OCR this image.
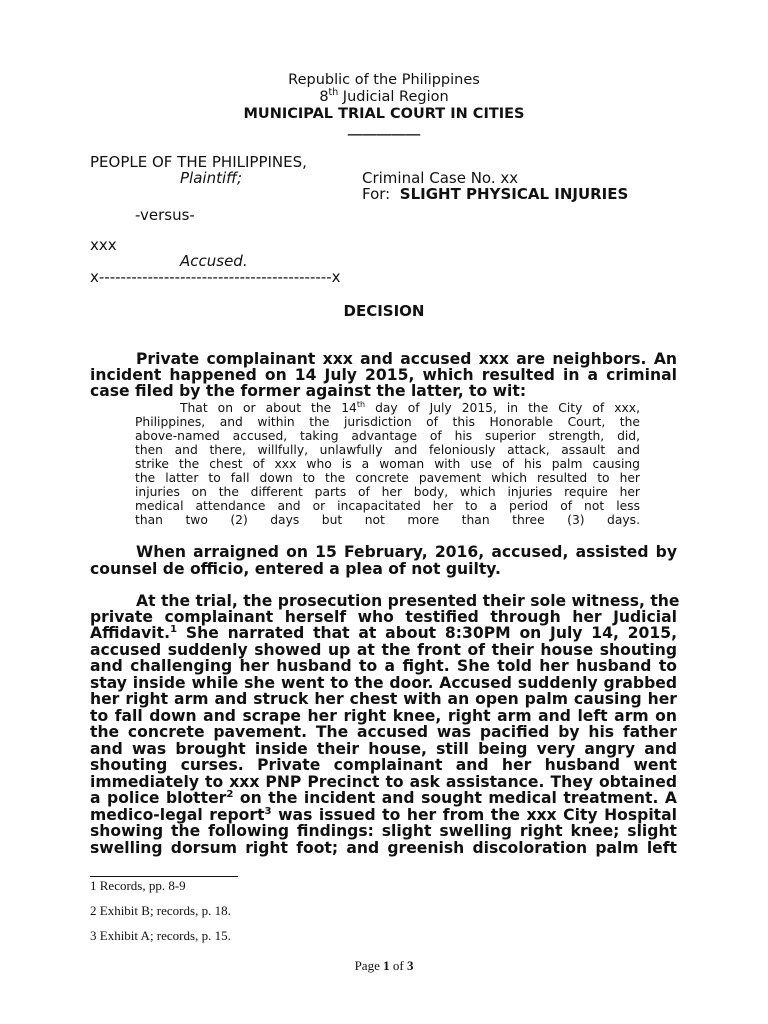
Republic of the Philippines
8th Judicial Region
MUNICIPAL TRIAL COURT IN CITIES
__________
PEOPLE OF THE PHILIPPINES,
Plaintiff;	Criminal Case No. xx
For: SLIGHT PHYSICAL INJURIES
-versus-
xxx
Accused.
x-------------------------------------------x
DECISION
Private complainant xxx and accused xxx are neighbors. An
incident happened on 14 July 2015, which resulted in a criminal
case filed by the former against the latter, to wit:
That on or about the 14th day of July 2015, in the City of xxx,
Philippines, and within the jurisdiction of this Honorable Court, the
above-named accused, taking advantage of his superior strength, did,
then and there, willfully, unlawfully and feloniously attack, assault and
strike the chest of xxx who is a woman with use of his palm causing
the latter to fall down to the concrete pavement which resulted to her
injuries on the different parts of her body, which injuries require her
medical attendance and or incapacitated her to a period of not less
than two (2) days but not more than three (3) days.
When arraigned on 15 February, 2016, accused, assisted by
counsel de officio, entered a plea of not guilty.
At the trial, the prosecution presented their sole witness, the
private complainant herself who testified through her Judicial
Affidavit.$^1$ She narrated that at about 8:30PM on July 14, 2015,
accused suddenly showed up at the front of their house shouting
and challenging her husband to a fight. She told her husband to
stay inside while she went to the door. Accused suddenly grabbed
her right arm and struck her chest with an open palm causing her
to fall down and scrape her right knee, right arm and left arm on
the concrete pavement. The accused was pacified by his father
and was brought inside their house, still being very angry and
shouting curses. Private complainant and her husband went
immediately to xxx PNP Precinct to ask assistance. They obtained
a police blotter$^2$ on the incident and sought medical treatment. A
medico-legal report$^3$ was issued to her from the xxx City Hospital
showing the following findings: slight swelling right knee; slight
swelling dorsum right foot; and greenish discoloration palm left
1 Records, pp. 8-9
2 Exhibit B; records, p. 18.
3 Exhibit A; records, p. 15.
Page 1 of 3
